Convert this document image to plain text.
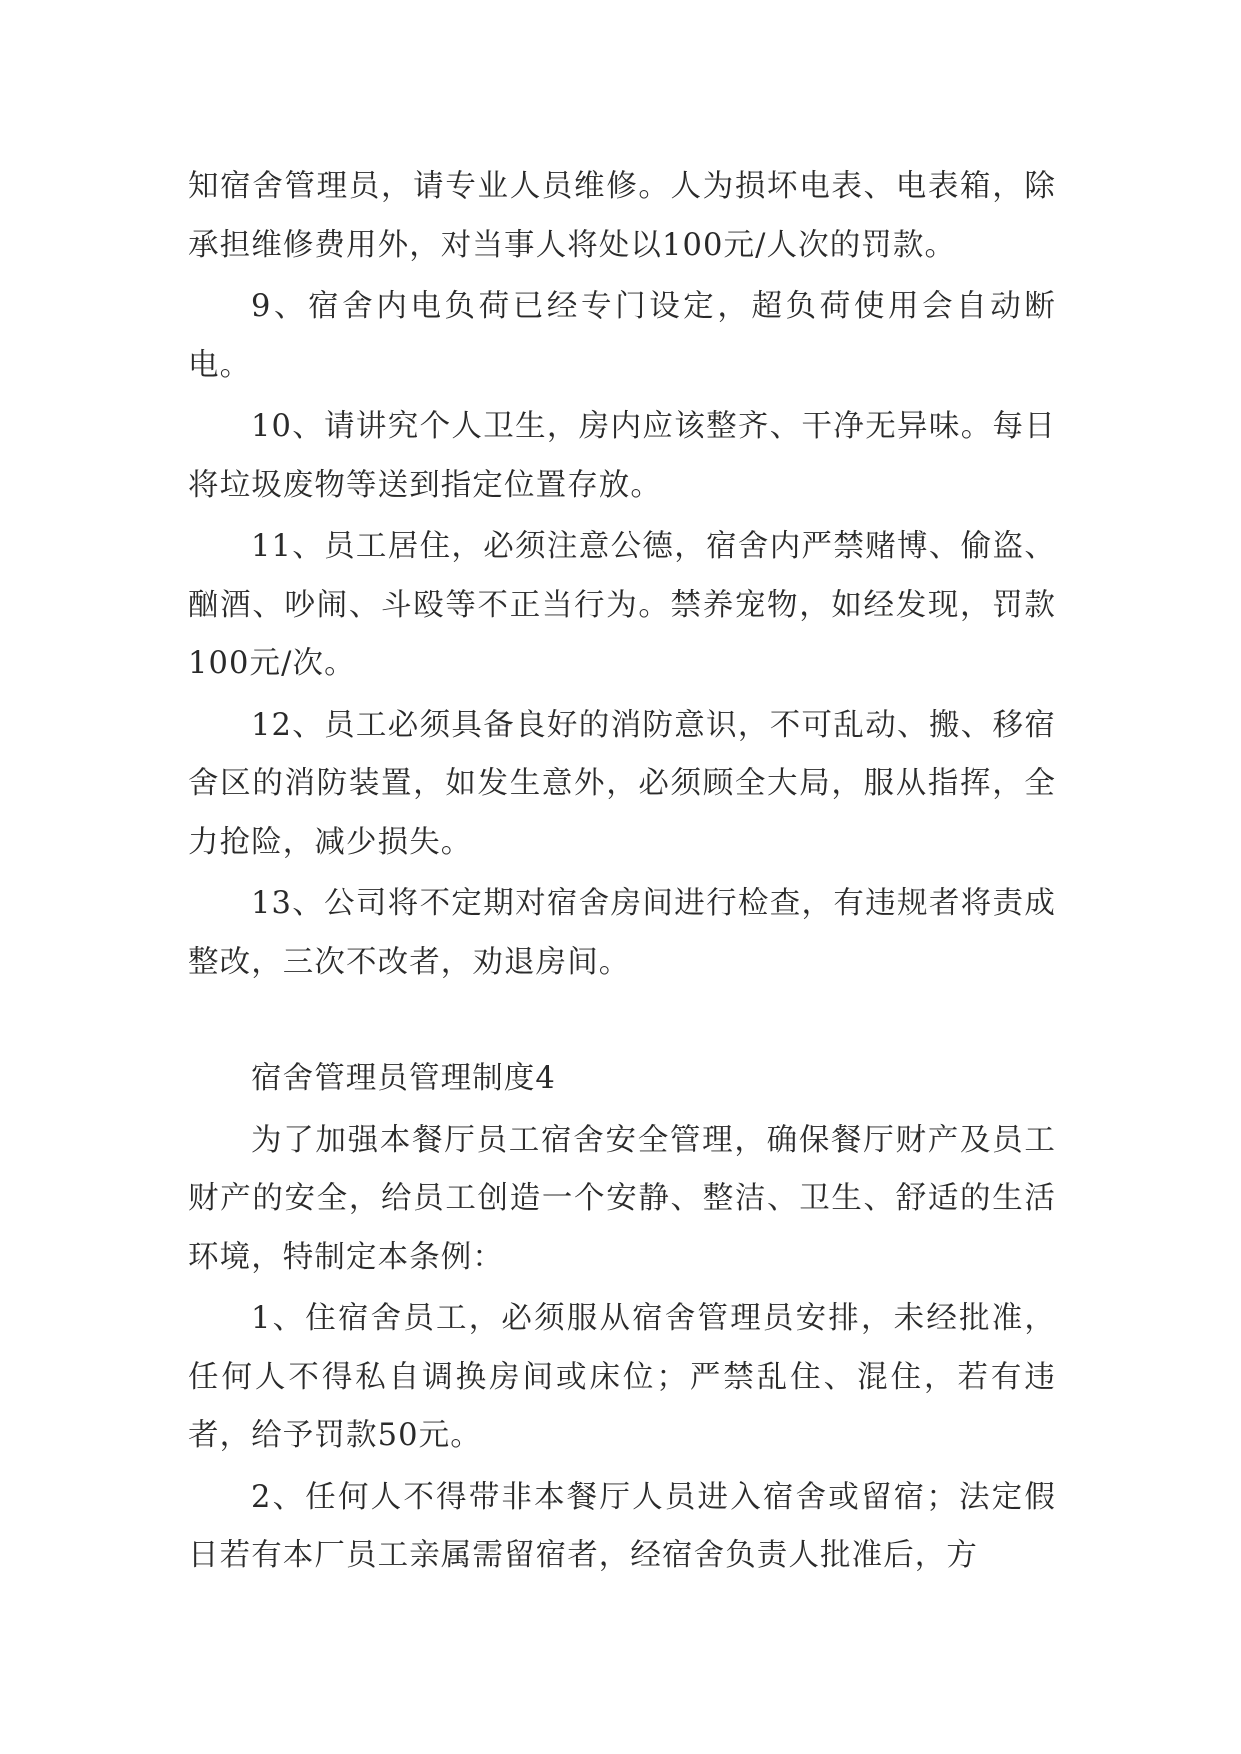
知宿舍管理员，请专业人员维修。人为损坏电表、电表箱，除承担维修费用外，对当事人将处以100元/人次的罚款。

9、宿舍内电负荷已经专门设定，超负荷使用会自动断电。

10、请讲究个人卫生，房内应该整齐、干净无异味。每日将垃圾废物等送到指定位置存放。

11、员工居住，必须注意公德，宿舍内严禁赌博、偷盗、酗酒、吵闹、斗殴等不正当行为。禁养宠物，如经发现，罚款100元/次。

12、员工必须具备良好的消防意识，不可乱动、搬、移宿舍区的消防装置，如发生意外，必须顾全大局，服从指挥，全力抢险，减少损失。

13、公司将不定期对宿舍房间进行检查，有违规者将责成整改，三次不改者，劝退房间。

宿舍管理员管理制度4

为了加强本餐厅员工宿舍安全管理，确保餐厅财产及员工财产的安全，给员工创造一个安静、整洁、卫生、舒适的生活环境，特制定本条例：

1、住宿舍员工，必须服从宿舍管理员安排，未经批准，任何人不得私自调换房间或床位；严禁乱住、混住，若有违者，给予罚款50元。

2、任何人不得带非本餐厅人员进入宿舍或留宿；法定假日若有本厂员工亲属需留宿者，经宿舍负责人批准后，方
